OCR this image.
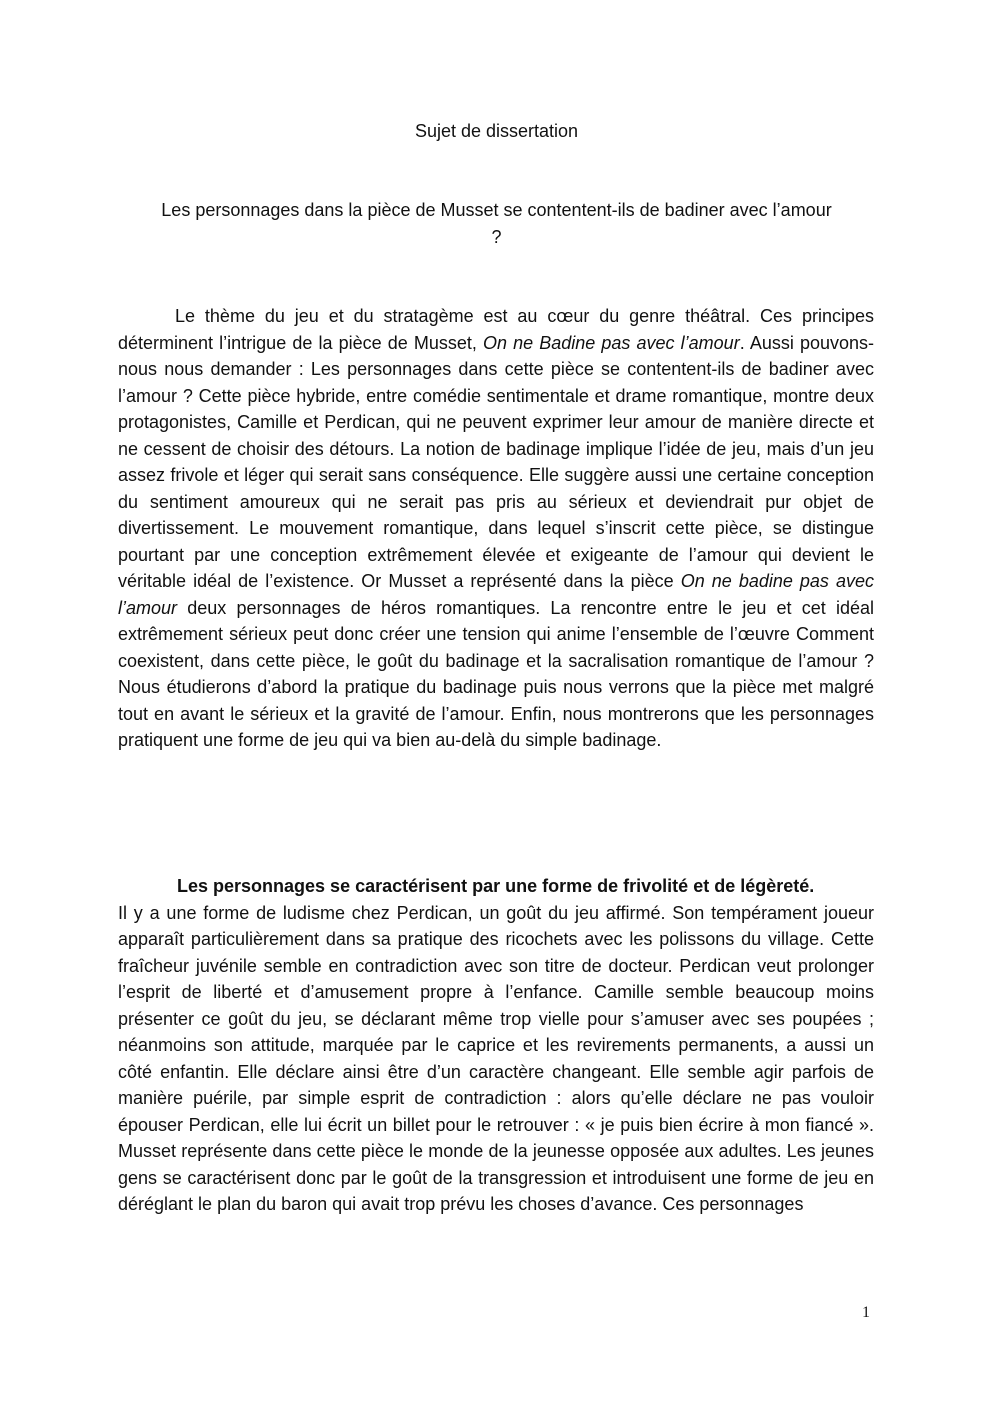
Sujet de dissertation
Les personnages dans la pièce de Musset se contentent-ils de badiner avec l’amour ?

Le thème du jeu et du stratagème est au cœur du genre théâtral. Ces principes déterminent l’intrigue de la pièce de Musset, On ne Badine pas avec l’amour. Aussi pouvons-nous nous demander : Les personnages dans cette pièce se contentent-ils de badiner avec l’amour ? Cette pièce hybride, entre comédie sentimentale et drame romantique, montre deux protagonistes, Camille et Perdican, qui ne peuvent exprimer leur amour de manière directe et ne cessent de choisir des détours. La notion de badinage implique l’idée de jeu, mais d’un jeu assez frivole et léger qui serait sans conséquence. Elle suggère aussi une certaine conception du sentiment amoureux qui ne serait pas pris au sérieux et deviendrait pur objet de divertissement. Le mouvement romantique, dans lequel s’inscrit cette pièce, se distingue pourtant par une conception extrêmement élevée et exigeante de l’amour qui devient le véritable idéal de l’existence. Or Musset a représenté dans la pièce On ne badine pas avec l’amour deux personnages de héros romantiques. La rencontre entre le jeu et cet idéal extrêmement sérieux peut donc créer une tension qui anime l’ensemble de l’œuvre Comment coexistent, dans cette pièce, le goût du badinage et la sacralisation romantique de l’amour ? Nous étudierons d’abord la pratique du badinage puis nous verrons que la pièce met malgré tout en avant le sérieux et la gravité de l’amour. Enfin, nous montrerons que les personnages pratiquent une forme de jeu qui va bien au-delà du simple badinage.

Les personnages se caractérisent par une forme de frivolité et de légèreté.
Il y a une forme de ludisme chez Perdican, un goût du jeu affirmé. Son tempérament joueur apparaît particulièrement dans sa pratique des ricochets avec les polissons du village. Cette fraîcheur juvénile semble en contradiction avec son titre de docteur. Perdican veut prolonger l’esprit de liberté et d’amusement propre à l’enfance. Camille semble beaucoup moins présenter ce goût du jeu, se déclarant même trop vielle pour s’amuser avec ses poupées ; néanmoins son attitude, marquée par le caprice et les revirements permanents, a aussi un côté enfantin. Elle déclare ainsi être d’un caractère changeant. Elle semble agir parfois de manière puérile, par simple esprit de contradiction : alors qu’elle déclare ne pas vouloir épouser Perdican, elle lui écrit un billet pour le retrouver : « je puis bien écrire à mon fiancé ». Musset représente dans cette pièce le monde de la jeunesse opposée aux adultes. Les jeunes gens se caractérisent donc par le goût de la transgression et introduisent une forme de jeu en déréglant le plan du baron qui avait trop prévu les choses d’avance. Ces personnages
1
